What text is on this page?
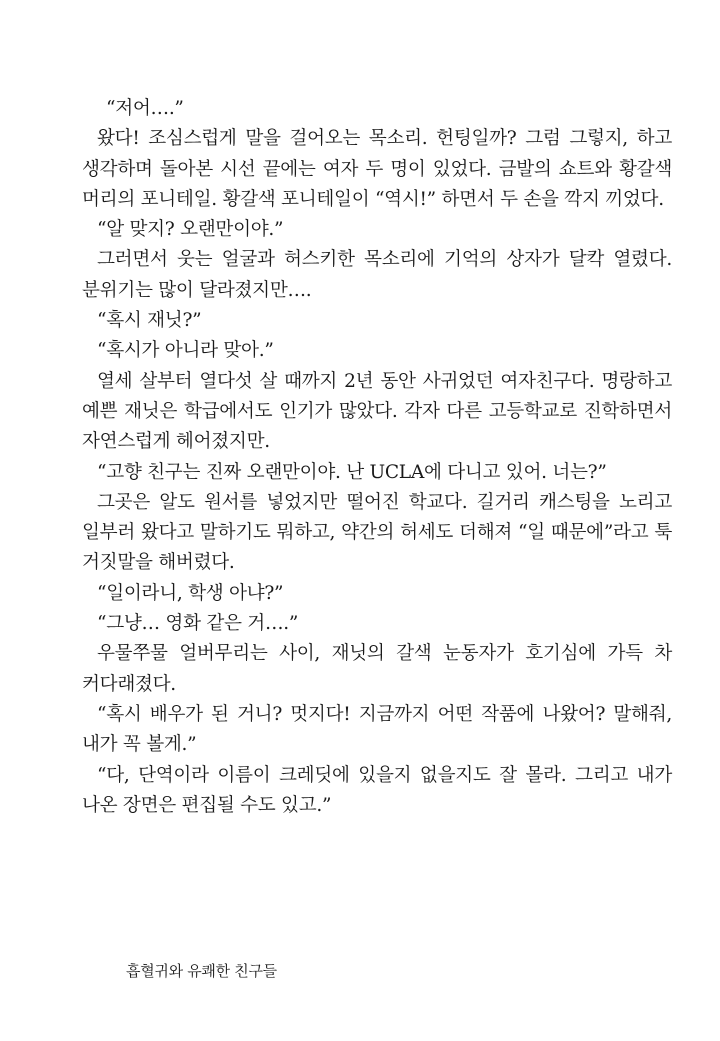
“저어….”

왔다! 조심스럽게 말을 걸어오는 목소리. 헌팅일까? 그럼 그렇지, 하고 생각하며 돌아본 시선 끝에는 여자 두 명이 있었다. 금발의 쇼트와 황갈색 머리의 포니테일. 황갈색 포니테일이 “역시!” 하면서 두 손을 깍지 끼었다.

“알 맞지? 오랜만이야.”

그러면서 웃는 얼굴과 허스키한 목소리에 기억의 상자가 달칵 열렸다. 분위기는 많이 달라졌지만….

“혹시 재닛?”

“혹시가 아니라 맞아.”

열세 살부터 열다섯 살 때까지 2년 동안 사귀었던 여자친구다. 명랑하고 예쁜 재닛은 학급에서도 인기가 많았다. 각자 다른 고등학교로 진학하면서 자연스럽게 헤어졌지만.

“고향 친구는 진짜 오랜만이야. 난 UCLA에 다니고 있어. 너는?”

그곳은 알도 원서를 넣었지만 떨어진 학교다. 길거리 캐스팅을 노리고 일부러 왔다고 말하기도 뭐하고, 약간의 허세도 더해져 “일 때문에”라고 툭 거짓말을 해버렸다.

“일이라니, 학생 아냐?”

“그냥… 영화 같은 거….”

우물쭈물 얼버무리는 사이, 재닛의 갈색 눈동자가 호기심에 가득 차 커다래졌다.

“혹시 배우가 된 거니? 멋지다! 지금까지 어떤 작품에 나왔어? 말해줘, 내가 꼭 볼게.”

“다, 단역이라 이름이 크레딧에 있을지 없을지도 잘 몰라. 그리고 내가 나온 장면은 편집될 수도 있고.”

흡혈귀와 유쾌한 친구들
